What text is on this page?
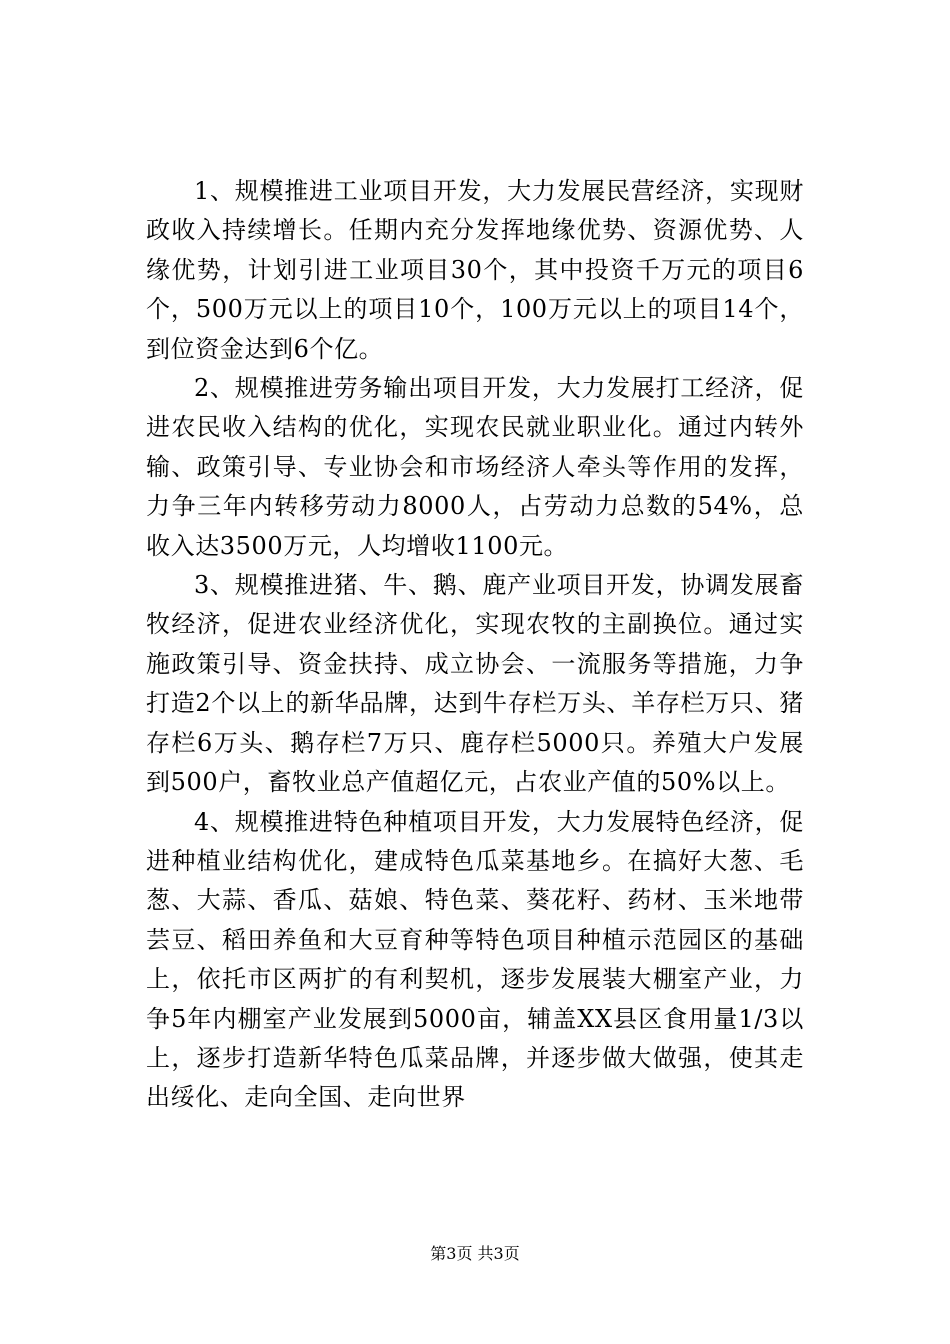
1、规模推进工业项目开发，大力发展民营经济，实现财政收入持续增长。任期内充分发挥地缘优势、资源优势、人缘优势，计划引进工业项目30个，其中投资千万元的项目6个，500万元以上的项目10个，100万元以上的项目14个，到位资金达到6个亿。

2、规模推进劳务输出项目开发，大力发展打工经济，促进农民收入结构的优化，实现农民就业职业化。通过内转外输、政策引导、专业协会和市场经济人牵头等作用的发挥，力争三年内转移劳动力8000人，占劳动力总数的54%，总收入达3500万元，人均增收1100元。

3、规模推进猪、牛、鹅、鹿产业项目开发，协调发展畜牧经济，促进农业经济优化，实现农牧的主副换位。通过实施政策引导、资金扶持、成立协会、一流服务等措施，力争打造2个以上的新华品牌，达到牛存栏万头、羊存栏万只、猪存栏6万头、鹅存栏7万只、鹿存栏5000只。养殖大户发展到500户，畜牧业总产值超亿元，占农业产值的50%以上。

4、规模推进特色种植项目开发，大力发展特色经济，促进种植业结构优化，建成特色瓜菜基地乡。在搞好大葱、毛葱、大蒜、香瓜、菇娘、特色菜、葵花籽、药材、玉米地带芸豆、稻田养鱼和大豆育种等特色项目种植示范园区的基础上，依托市区两扩的有利契机，逐步发展装大棚室产业，力争5年内棚室产业发展到5000亩，辅盖XX县区食用量1/3以上，逐步打造新华特色瓜菜品牌，并逐步做大做强，使其走出绥化、走向全国、走向世界

第3页 共3页
